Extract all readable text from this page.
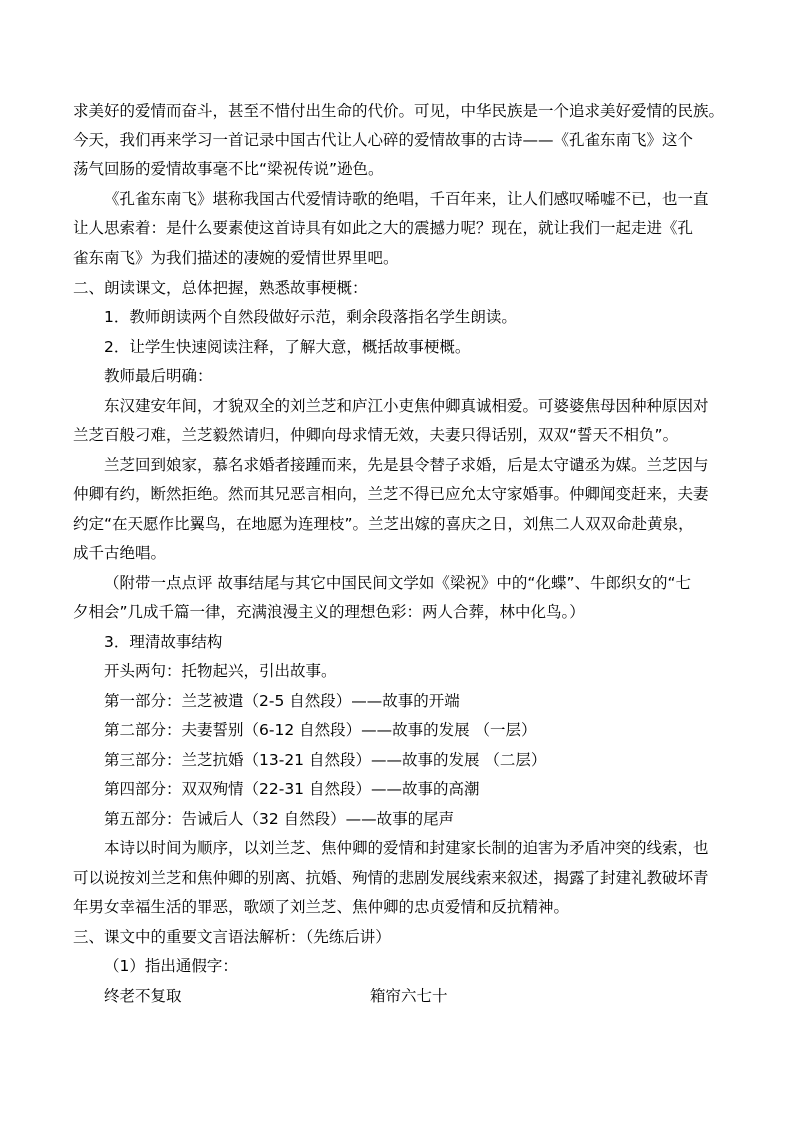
求美好的爱情而奋斗，甚至不惜付出生命的代价。可见，中华民族是一个追求美好爱情的民族。
今天，我们再来学习一首记录中国古代让人心碎的爱情故事的古诗——《孔雀东南飞》这个
荡气回肠的爱情故事毫不比“梁祝传说”逊色。
《孔雀东南飞》堪称我国古代爱情诗歌的绝唱，千百年来，让人们感叹唏嘘不已，也一直
让人思索着：是什么要素使这首诗具有如此之大的震撼力呢？现在，就让我们一起走进《孔
雀东南飞》为我们描述的凄婉的爱情世界里吧。
二、朗读课文，总体把握，熟悉故事梗概：
1．教师朗读两个自然段做好示范，剩余段落指名学生朗读。
2．让学生快速阅读注释，了解大意，概括故事梗概。
教师最后明确：
东汉建安年间，才貌双全的刘兰芝和庐江小吏焦仲卿真诚相爱。可婆婆焦母因种种原因对
兰芝百般刁难，兰芝毅然请归，仲卿向母求情无效，夫妻只得话别，双双“誓天不相负”。
兰芝回到娘家，慕名求婚者接踵而来，先是县令替子求婚，后是太守谴丞为媒。兰芝因与
仲卿有约，断然拒绝。然而其兄恶言相向，兰芝不得已应允太守家婚事。仲卿闻变赶来，夫妻
约定“在天愿作比翼鸟，在地愿为连理枝”。兰芝出嫁的喜庆之日，刘焦二人双双命赴黄泉，
成千古绝唱。
（附带一点点评 故事结尾与其它中国民间文学如《梁祝》中的“化蝶”、牛郎织女的“七
夕相会”几成千篇一律，充满浪漫主义的理想色彩：两人合葬，林中化鸟。）
3．理清故事结构
开头两句：托物起兴，引出故事。
第一部分：兰芝被遣（2-5 自然段）——故事的开端
第二部分：夫妻誓别（6-12 自然段）——故事的发展 （一层）
第三部分：兰芝抗婚（13-21 自然段）——故事的发展 （二层）
第四部分：双双殉情（22-31 自然段）——故事的高潮
第五部分：告诫后人（32 自然段）——故事的尾声
本诗以时间为顺序，以刘兰芝、焦仲卿的爱情和封建家长制的迫害为矛盾冲突的线索，也
可以说按刘兰芝和焦仲卿的别离、抗婚、殉情的悲剧发展线索来叙述，揭露了封建礼教破坏青
年男女幸福生活的罪恶，歌颂了刘兰芝、焦仲卿的忠贞爱情和反抗精神。
三、课文中的重要文言语法解析：（先练后讲）
（1）指出通假字：
终老不复取	箱帘六七十
